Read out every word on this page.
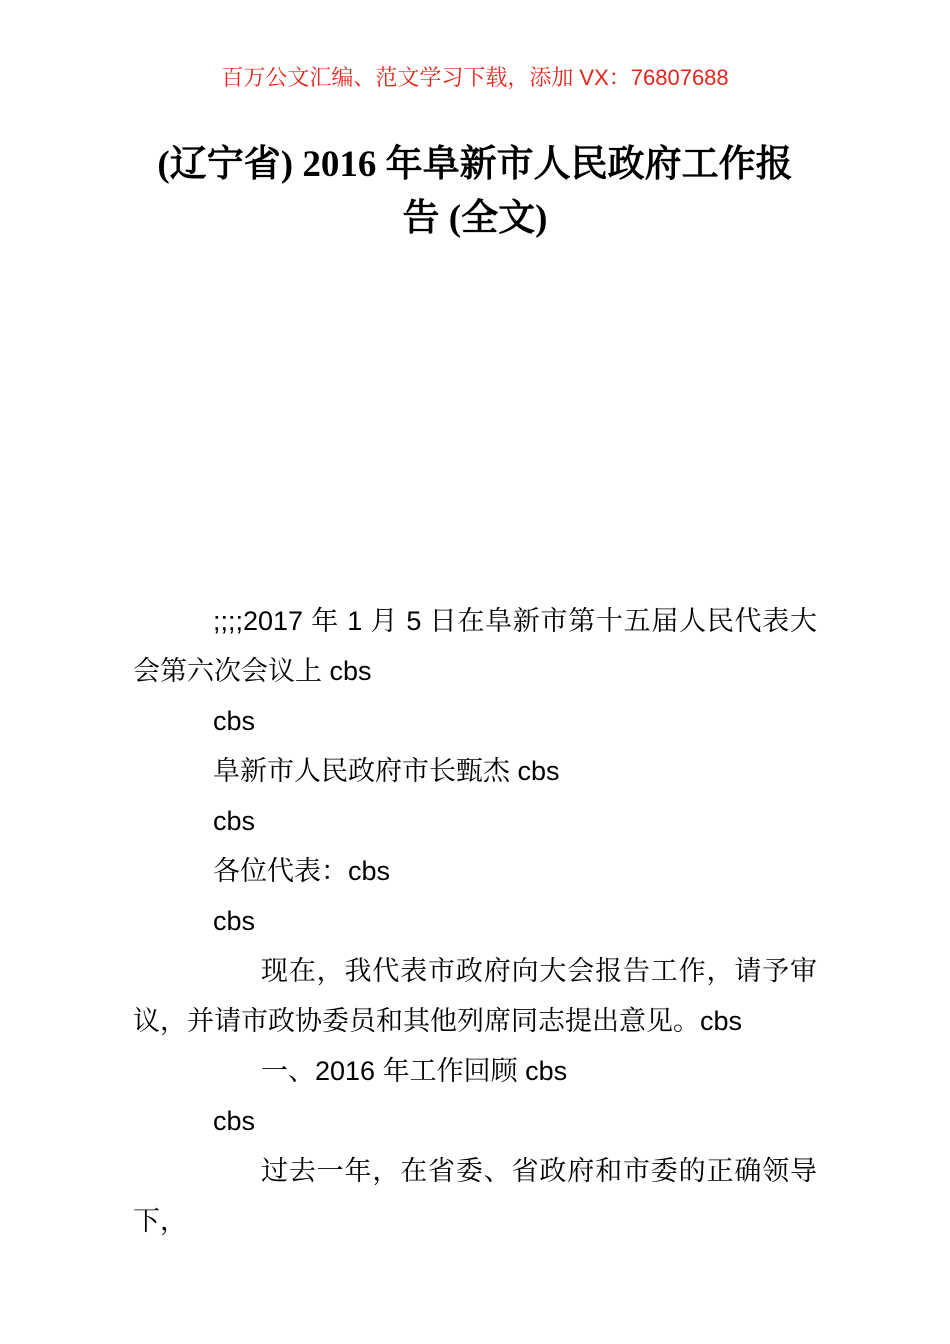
百万公文汇编、范文学习下载，添加 VX：76807688
(辽宁省) 2016 年阜新市人民政府工作报
告 (全文)

;;;;2017 年 1 月 5 日在阜新市第十五届人民代表大会第六次会议上 cbs

cbs

阜新市人民政府市长甄杰 cbs

cbs

各位代表：cbs

cbs

现在，我代表市政府向大会报告工作，请予审议，并请市政协委员和其他列席同志提出意见。cbs

一、2016 年工作回顾 cbs

cbs

过去一年，在省委、省政府和市委的正确领导下，
